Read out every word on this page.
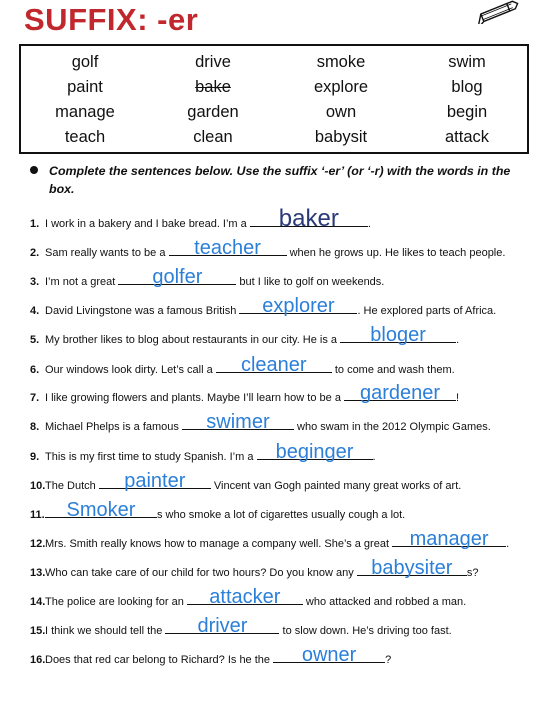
SUFFIX: -er
golf	drive	smoke	swim
paint	bake	explore	blog
manage	garden	own	begin
teach	clean	babysit	attack
Complete the sentences below. Use the suffix ‘-er’ (or ‘-r) with the words in the box.
1. I work in a bakery and I bake bread. I’m a	baker	.
2. Sam really wants to be a	teacher	when he grows up. He likes to teach people.
3. I’m not a great	golfer	but I like to golf on weekends.
4. David Livingstone was a famous British	explorer	. He explored parts of Africa.
5. My brother likes to blog about restaurants in our city. He is a	bloger	.
6. Our windows look dirty. Let’s call a	cleaner	to come and wash them.
7. I like growing flowers and plants. Maybe I’ll learn how to be a gardener	!
8. Michael Phelps is a famous	swimer	who swam in the 2012 Olympic Games.
9. This is my first time to study Spanish. I’m a beginger	.
10.The Dutch	painter	Vincent van Gogh painted many great works of art.
11.	Smoker	s who smoke a lot of cigarettes usually cough a lot.
12.Mrs. Smith really knows how to manage a company well. She’s a great manager	.
13.Who can take care of our child for two hours? Do you know any babysiter	s?
14.The police are looking for an	attacker	who attacked and robbed a man.
15.I think we should tell the	driver	to slow down. He’s driving too fast.
16.Does that red car belong to Richard? Is he the	owner	?
